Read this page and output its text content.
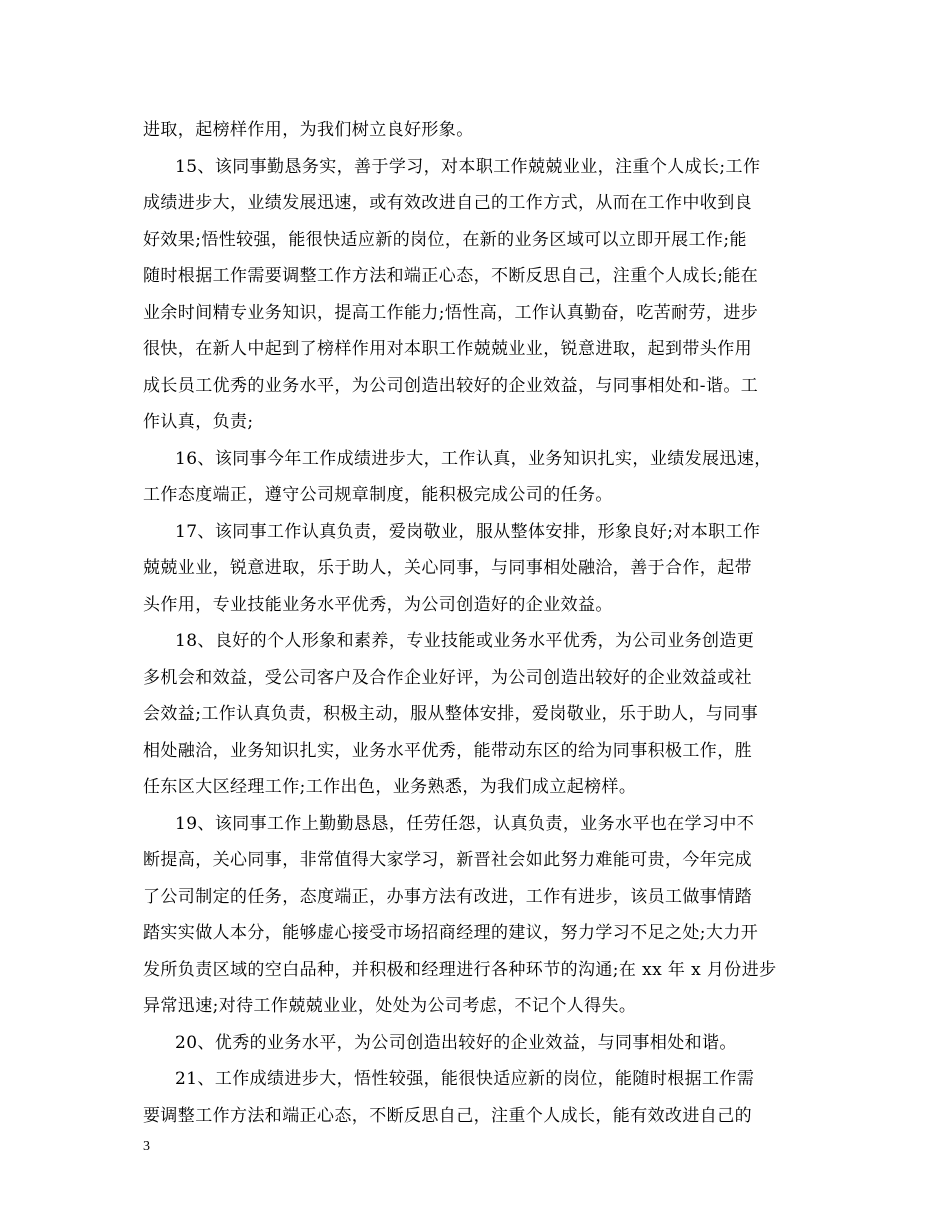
进取，起榜样作用，为我们树立良好形象。
15、该同事勤恳务实，善于学习，对本职工作兢兢业业，注重个人成长;工作
成绩进步大，业绩发展迅速，或有效改进自己的工作方式，从而在工作中收到良
好效果;悟性较强，能很快适应新的岗位，在新的业务区域可以立即开展工作;能
随时根据工作需要调整工作方法和端正心态，不断反思自己，注重个人成长;能在
业余时间精专业务知识，提高工作能力;悟性高，工作认真勤奋，吃苦耐劳，进步
很快，在新人中起到了榜样作用对本职工作兢兢业业，锐意进取，起到带头作用
成长员工优秀的业务水平，为公司创造出较好的企业效益，与同事相处和-谐。工
作认真，负责;
16、该同事今年工作成绩进步大，工作认真，业务知识扎实，业绩发展迅速，
工作态度端正，遵守公司规章制度，能积极完成公司的任务。
17、该同事工作认真负责，爱岗敬业，服从整体安排，形象良好;对本职工作
兢兢业业，锐意进取，乐于助人，关心同事，与同事相处融洽，善于合作，起带
头作用，专业技能业务水平优秀，为公司创造好的企业效益。
18、良好的个人形象和素养，专业技能或业务水平优秀，为公司业务创造更
多机会和效益，受公司客户及合作企业好评，为公司创造出较好的企业效益或社
会效益;工作认真负责，积极主动，服从整体安排，爱岗敬业，乐于助人，与同事
相处融洽，业务知识扎实，业务水平优秀，能带动东区的给为同事积极工作，胜
任东区大区经理工作;工作出色，业务熟悉，为我们成立起榜样。
19、该同事工作上勤勤恳恳，任劳任怨，认真负责，业务水平也在学习中不
断提高，关心同事，非常值得大家学习，新晋社会如此努力难能可贵，今年完成
了公司制定的任务，态度端正，办事方法有改进，工作有进步，该员工做事情踏
踏实实做人本分，能够虚心接受市场招商经理的建议，努力学习不足之处;大力开
发所负责区域的空白品种，并积极和经理进行各种环节的沟通;在 xx 年 x 月份进步
异常迅速;对待工作兢兢业业，处处为公司考虑，不记个人得失。
20、优秀的业务水平，为公司创造出较好的企业效益，与同事相处和谐。
21、工作成绩进步大，悟性较强，能很快适应新的岗位，能随时根据工作需
要调整工作方法和端正心态，不断反思自己，注重个人成长，能有效改进自己的
3
